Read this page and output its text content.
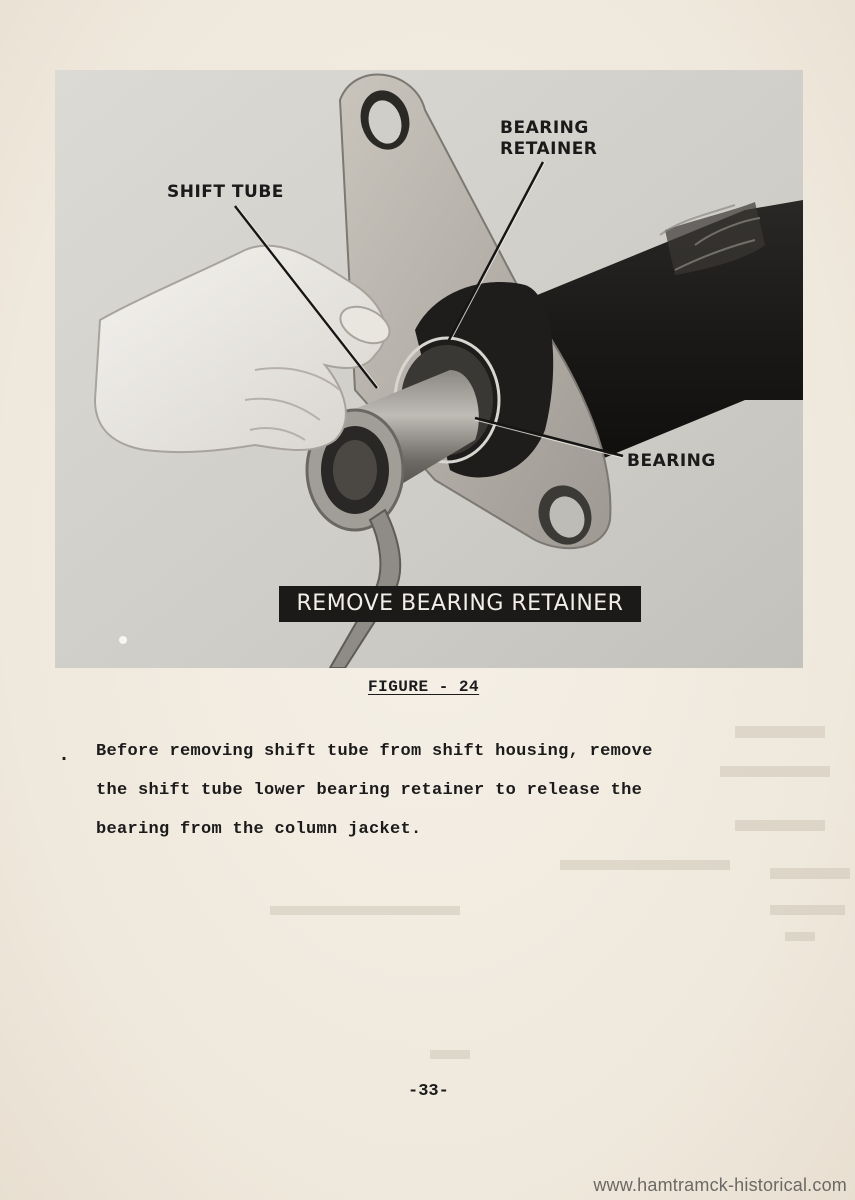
SHIFT TUBE
BEARING
RETAINER
BEARING
REMOVE BEARING RETAINER
FIGURE - 24
. Before removing shift tube from shift housing, remove
the shift tube lower bearing retainer to release the
bearing from the column jacket.
-33-
www.hamtramck-historical.com
